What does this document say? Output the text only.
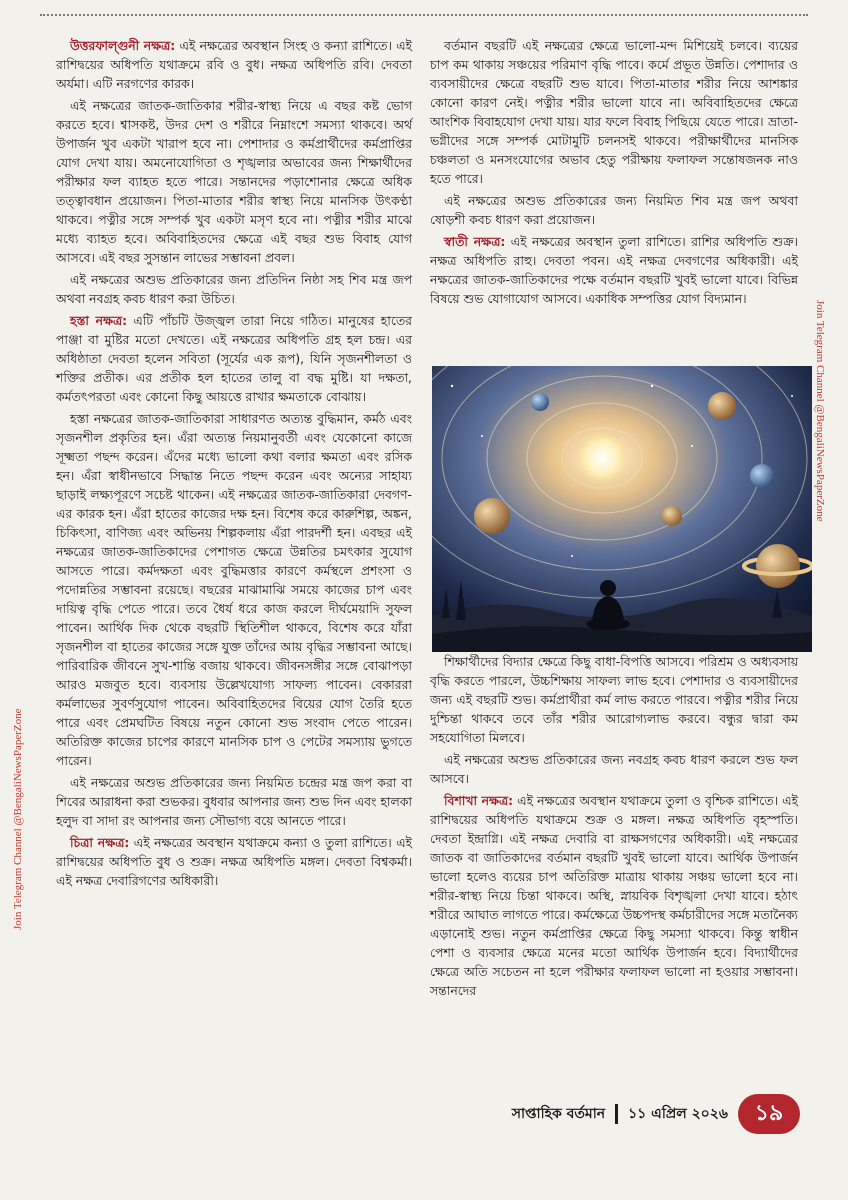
উত্তরফাল্গুনী নক্ষত্র: এই নক্ষত্রের অবস্থান সিংহ ও কন্যা রাশিতে। এই রাশিদ্বয়ের অধিপতি যথাক্রমে রবি ও বুধ। নক্ষত্র অধিপতি রবি। দেবতা অর্যমা। এটি নরগণের কারক।

এই নক্ষত্রের জাতক-জাতিকার শরীর-স্বাস্থ্য নিয়ে এ বছর কষ্ট ভোগ করতে হবে। শ্বাসকষ্ট, উদর দেশ ও শরীরে নিম্নাংশে সমস্যা থাকবে। অর্থ উপার্জন খুব একটা খারাপ হবে না। পেশাদার ও কর্মপ্রার্থীদের কর্মপ্রাপ্তির যোগ দেখা যায়। অমনোযোগিতা ও শৃঙ্খলার অভাবের জন্য শিক্ষার্থীদের পরীক্ষার ফল ব্যাহত হতে পারে। সন্তানদের পড়াশোনার ক্ষেত্রে অধিক তত্ত্বাবধান প্রয়োজন। পিতা-মাতার শরীর স্বাস্থ্য নিয়ে মানসিক উৎকণ্ঠা থাকবে। পত্নীর সঙ্গে সম্পর্ক খুব একটা মসৃণ হবে না। পত্নীর শরীর মাঝে মধ্যে ব্যাহত হবে। অবিবাহিতদের ক্ষেত্রে এই বছর শুভ বিবাহ যোগ আসবে। এই বছর সুসন্তান লাভের সম্ভাবনা প্রবল।

এই নক্ষত্রের অশুভ প্রতিকারের জন্য প্রতিদিন নিষ্ঠা সহ শিব মন্ত্র জপ অথবা নবগ্রহ কবচ ধারণ করা উচিত।

হস্তা নক্ষত্র: এটি পাঁচটি উজ্জ্বল তারা নিয়ে গঠিত। মানুষের হাতের পাঞ্জা বা মুষ্টির মতো দেখতে। এই নক্ষত্রের অধিপতি গ্রহ হল চন্দ্র। এর অধিষ্ঠাতা দেবতা হলেন সবিতা (সূর্যের এক রূপ), যিনি সৃজনশীলতা ও শক্তির প্রতীক। এর প্রতীক হল হাতের তালু বা বদ্ধ মুষ্টি। যা দক্ষতা, কর্মতৎপরতা এবং কোনো কিছু আয়ত্তে রাখার ক্ষমতাকে বোঝায়।

হস্তা নক্ষত্রের জাতক-জাতিকারা সাধারণত অত্যন্ত বুদ্ধিমান, কর্মঠ এবং সৃজনশীল প্রকৃতির হন। এঁরা অত্যন্ত নিয়মানুবর্তী এবং যেকোনো কাজে সূক্ষ্মতা পছন্দ করেন। এঁদের মধ্যে ভালো কথা বলার ক্ষমতা এবং রসিক হন। এঁরা স্বাধীনভাবে সিদ্ধান্ত নিতে পছন্দ করেন এবং অন্যের সাহায্য ছাড়াই লক্ষ্যপূরণে সচেষ্ট থাকেন। এই নক্ষত্রের জাতক-জাতিকারা দেবগণ-এর কারক হন। এঁরা হাতের কাজের দক্ষ হন। বিশেষ করে কারুশিল্প, অঙ্কন, চিকিৎসা, বাণিজ্য এবং অভিনয় শিল্পকলায় এঁরা পারদর্শী হন। এবছর এই নক্ষত্রের জাতক-জাতিকাদের পেশাগত ক্ষেত্রে উন্নতির চমৎকার সুযোগ আসতে পারে। কর্মদক্ষতা এবং বুদ্ধিমত্তার কারণে কর্মস্থলে প্রশংসা ও পদোন্নতির সম্ভাবনা রয়েছে। বছরের মাঝামাঝি সময়ে কাজের চাপ এবং দায়িত্ব বৃদ্ধি পেতে পারে। তবে ধৈর্য ধরে কাজ করলে দীর্ঘমেয়াদি সুফল পাবেন। আর্থিক দিক থেকে বছরটি স্থিতিশীল থাকবে, বিশেষ করে যাঁরা সৃজনশীল বা হাতের কাজের সঙ্গে যুক্ত তাঁদের আয় বৃদ্ধির সম্ভাবনা আছে। পারিবারিক জীবনে সুখ-শান্তি বজায় থাকবে। জীবনসঙ্গীর সঙ্গে বোঝাপড়া আরও মজবুত হবে। ব্যবসায় উল্লেখযোগ্য সাফল্য পাবেন। বেকাররা কর্মলাভের সুবর্ণসুযোগ পাবেন। অবিবাহিতদের বিয়ের যোগ তৈরি হতে পারে এবং প্রেমঘটিত বিষয়ে নতুন কোনো শুভ সংবাদ পেতে পারেন। অতিরিক্ত কাজের চাপের কারণে মানসিক চাপ ও পেটের সমস্যায় ভুগতে পারেন।

এই নক্ষত্রের অশুভ প্রতিকারের জন্য নিয়মিত চন্দ্রের মন্ত্র জপ করা বা শিবের আরাধনা করা শুভকর। বুধবার আপনার জন্য শুভ দিন এবং হালকা হলুদ বা সাদা রং আপনার জন্য সৌভাগ্য বয়ে আনতে পারে।

চিত্রা নক্ষত্র: এই নক্ষত্রের অবস্থান যথাক্রমে কন্যা ও তুলা রাশিতে। এই রাশিদ্বয়ের অধিপতি বুধ ও শুক্র। নক্ষত্র অধিপতি মঙ্গল। দেবতা বিশ্বকর্মা। এই নক্ষত্র দেবারিগণের অধিকারী।

বর্তমান বছরটি এই নক্ষত্রের ক্ষেত্রে ভালো-মন্দ মিশিয়েই চলবে। ব্যয়ের চাপ কম থাকায় সঞ্চয়ের পরিমাণ বৃদ্ধি পাবে। কর্মে প্রভূত উন্নতি। পেশাদার ও ব্যবসায়ীদের ক্ষেত্রে বছরটি শুভ যাবে। পিতা-মাতার শরীর নিয়ে আশঙ্কার কোনো কারণ নেই। পত্নীর শরীর ভালো যাবে না। অবিবাহিতদের ক্ষেত্রে আংশিক বিবাহযোগ দেখা যায়। যার ফলে বিবাহ পিছিয়ে যেতে পারে। ভ্রাতা-ভগ্নীদের সঙ্গে সম্পর্ক মোটামুটি চলনসই থাকবে। পরীক্ষার্থীদের মানসিক চঞ্চলতা ও মনসংযোগের অভাব হেতু পরীক্ষায় ফলাফল সন্তোষজনক নাও হতে পারে।

এই নক্ষত্রের অশুভ প্রতিকারের জন্য নিয়মিত শিব মন্ত্র জপ অথবা ষোড়শী কবচ ধারণ করা প্রয়োজন।

স্বাতী নক্ষত্র: এই নক্ষত্রের অবস্থান তুলা রাশিতে। রাশির অধিপতি শুক্র। নক্ষত্র অধিপতি রাহু। দেবতা পবন। এই নক্ষত্র দেবগণের অধিকারী। এই নক্ষত্রের জাতক-জাতিকাদের পক্ষে বর্তমান বছরটি খুবই ভালো যাবে। বিভিন্ন বিষয়ে শুভ যোগাযোগ আসবে। একাধিক সম্পত্তির যোগ বিদ্যমান।

শিক্ষার্থীদের বিদ্যার ক্ষেত্রে কিছু বাধা-বিপত্তি আসবে। পরিশ্রম ও অধ্যবসায় বৃদ্ধি করতে পারলে, উচ্চশিক্ষায় সাফল্য লাভ হবে। পেশাদার ও ব্যবসায়ীদের জন্য এই বছরটি শুভ। কর্মপ্রার্থীরা কর্ম লাভ করতে পারবে। পত্নীর শরীর নিয়ে দুশ্চিন্তা থাকবে তবে তাঁর শরীর আরোগ্যলাভ করবে। বন্ধুর দ্বারা কম সহযোগিতা মিলবে।

এই নক্ষত্রের অশুভ প্রতিকারের জন্য নবগ্রহ কবচ ধারণ করলে শুভ ফল আসবে।

বিশাখা নক্ষত্র: এই নক্ষত্রের অবস্থান যথাক্রমে তুলা ও বৃশ্চিক রাশিতে। এই রাশিদ্বয়ের অধিপতি যথাক্রমে শুক্র ও মঙ্গল। নক্ষত্র অধিপতি বৃহস্পতি। দেবতা ইন্দ্রাগ্নি। এই নক্ষত্র দেবারি বা রাক্ষসগণের অধিকারী। এই নক্ষত্রের জাতক বা জাতিকাদের বর্তমান বছরটি খুবই ভালো যাবে। আর্থিক উপার্জন ভালো হলেও ব্যয়ের চাপ অতিরিক্ত মাত্রায় থাকায় সঞ্চয় ভালো হবে না। শরীর-স্বাস্থ্য নিয়ে চিন্তা থাকবে। অস্থি, স্নায়বিক বিশৃঙ্খলা দেখা যাবে। হঠাৎ শরীরে আঘাত লাগতে পারে। কর্মক্ষেত্রে উচ্চপদস্থ কর্মচারীদের সঙ্গে মতানৈক্য এড়ানোই শুভ। নতুন কর্মপ্রাপ্তির ক্ষেত্রে কিছু সমস্যা থাকবে। কিন্তু স্বাধীন পেশা ও ব্যবসার ক্ষেত্রে মনের মতো আর্থিক উপার্জন হবে। বিদ্যার্থীদের ক্ষেত্রে অতি সচেতন না হলে পরীক্ষার ফলাফল ভালো না হওয়ার সম্ভাবনা। সন্তানদের

Join Telegram Channel @BengaliNewsPaperZone
Join Telegram Channel @BengaliNewsPaperZone
সাপ্তাহিক বর্তমান ১১ এপ্রিল ২০২৬	১৯
